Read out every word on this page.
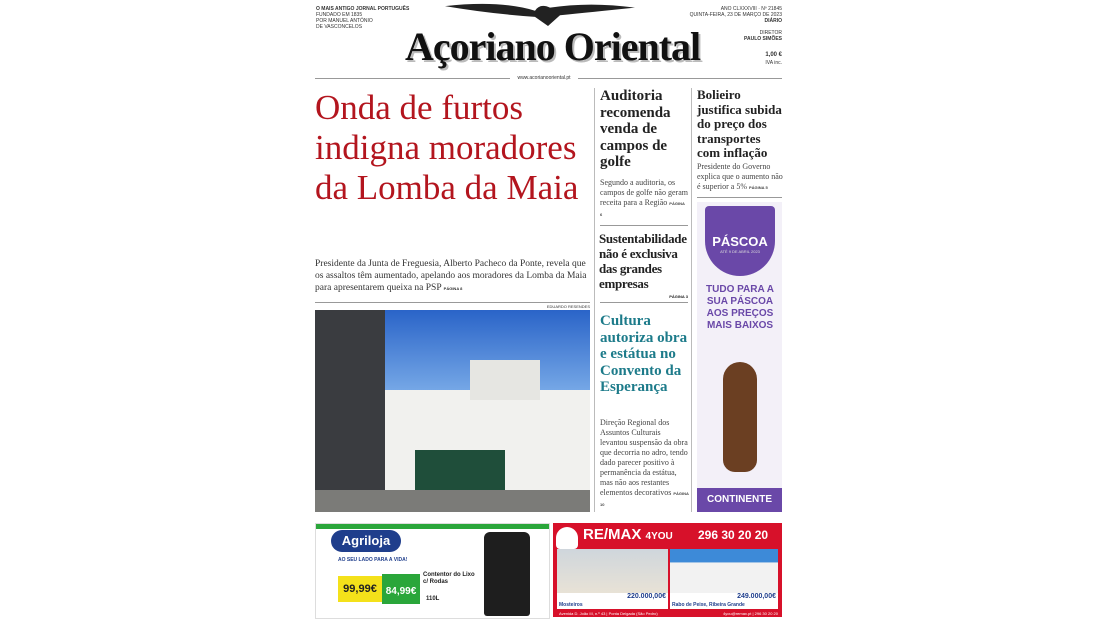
O MAIS ANTIGO JORNAL PORTUGUÊS
FUNDADO EM 1835
POR MANUEL ANTÓNIO
DE VASCONCELOS Açoriano Oriental
ANO CLXXXVIII · Nº 21845
QUINTA-FEIRA, 23 DE MARÇO DE 2023
DIÁRIO
DIRETOR
PAULO SIMÕES
1,00 €
IVA inc.
www.acorianooriental.pt
Onda de furtos indigna moradores da Lomba da Maia
Presidente da Junta de Freguesia, Alberto Pacheco da Ponte, revela que os assaltos têm aumentado, apelando aos moradores da Lomba da Maia para apresentarem queixa na PSP PÁGINA 8
EDUARDO RESENDES
Auditoria recomenda venda de campos de golfe
Segundo a auditoria, os campos de golfe não geram receita para a Região PÁGINA 6
Sustentabilidade não é exclusiva das grandes empresas
PÁGINA 3
Cultura autoriza obra e estátua no Convento da Esperança
Direção Regional dos Assuntos Culturais levantou suspensão da obra que decorria no adro, tendo dado parecer positivo à permanência da estátua, mas não aos restantes elementos decorativos PÁGINA 10
Bolieiro justifica subida do preço dos transportes com inflação
Presidente do Governo explica que o aumento não é superior a 5% PÁGINA 5
PÁSCOA
ATÉ 9 DE ABRIL 2023
TUDO PARA A SUA PÁSCOA AOS PREÇOS MAIS BAIXOS
CONTINENTE
Agriloja
AO SEU LADO PARA A VIDA!
99,99€ 84,99€
Contentor do Lixo c/ Rodas
110L
RE/MAX 4YOU 296 30 20 20
Mosteiros
220.000,00€
Rabo de Peixe, Ribeira Grande
249.000,00€
Avenida D. João III, n.º 43 | Ponta Delgada (São Pedro)	4you@remax.pt | 296 30 20 20
